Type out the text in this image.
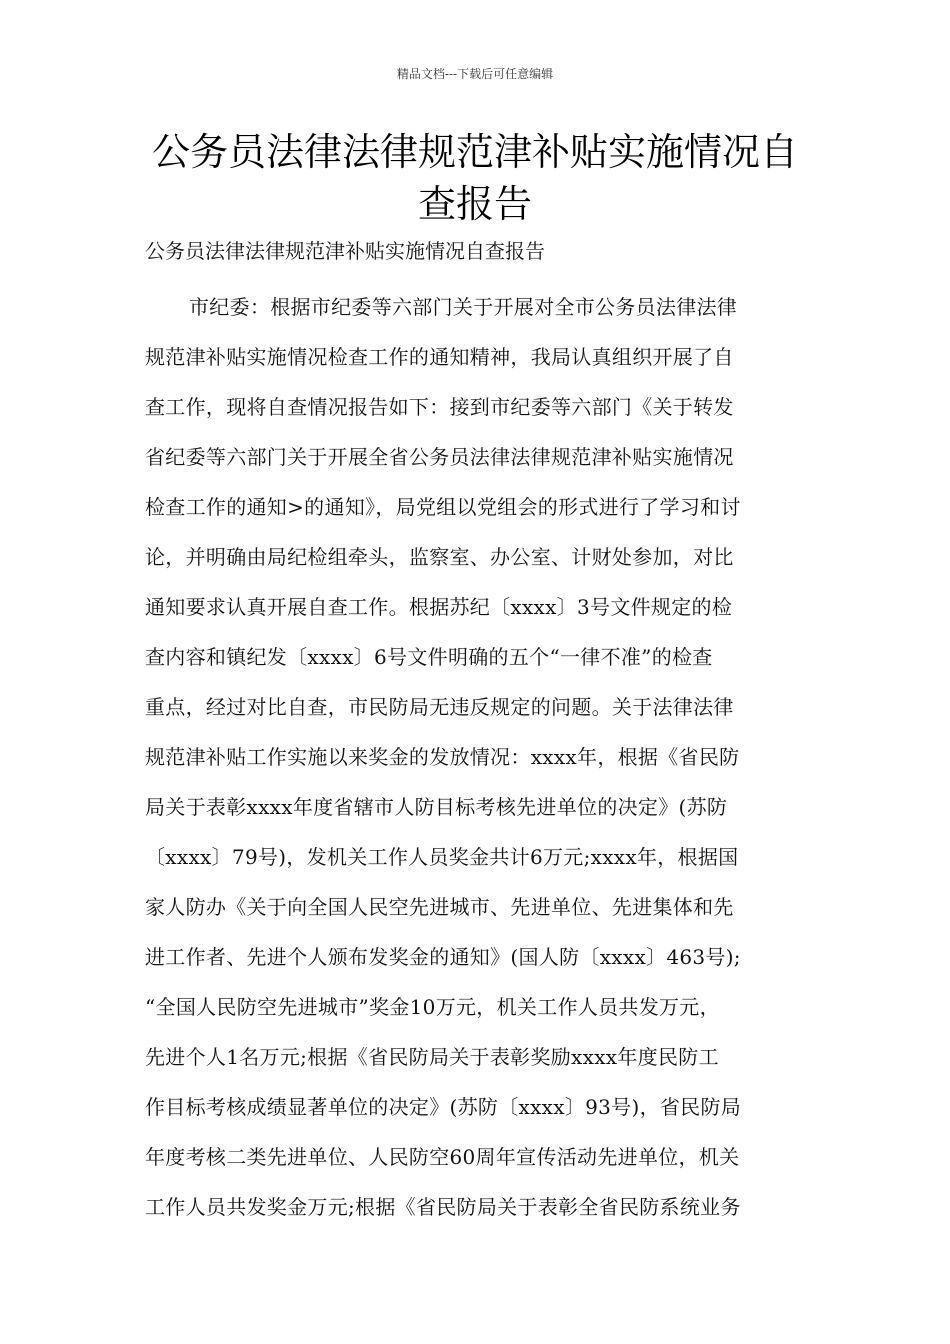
精品文档---下载后可任意编辑
公务员法律法律规范津补贴实施情况自
查报告

公务员法律法律规范津补贴实施情况自查报告

市纪委：根据市纪委等六部门关于开展对全市公务员法律法律
规范津补贴实施情况检查工作的通知精神，我局认真组织开展了自
查工作，现将自查情况报告如下：接到市纪委等六部门《关于转发
省纪委等六部门关于开展全省公务员法律法律规范津补贴实施情况
检查工作的通知>的通知》，局党组以党组会的形式进行了学习和讨
论，并明确由局纪检组牵头，监察室、办公室、计财处参加，对比
通知要求认真开展自查工作。根据苏纪〔xxxx〕3号文件规定的检
查内容和镇纪发〔xxxx〕6号文件明确的五个“一律不准”的检查
重点，经过对比自查，市民防局无违反规定的问题。关于法律法律
规范津补贴工作实施以来奖金的发放情况：xxxx年，根据《省民防
局关于表彰xxxx年度省辖市人防目标考核先进单位的决定》(苏防
〔xxxx〕79号)，发机关工作人员奖金共计6万元;xxxx年，根据国
家人防办《关于向全国人民空先进城市、先进单位、先进集体和先
进工作者、先进个人颁布发奖金的通知》(国人防〔xxxx〕463号);
“全国人民防空先进城市”奖金10万元，机关工作人员共发万元，
先进个人1名万元;根据《省民防局关于表彰奖励xxxx年度民防工
作目标考核成绩显著单位的决定》(苏防〔xxxx〕93号)，省民防局
年度考核二类先进单位、人民防空60周年宣传活动先进单位，机关
工作人员共发奖金万元;根据《省民防局关于表彰全省民防系统业务
